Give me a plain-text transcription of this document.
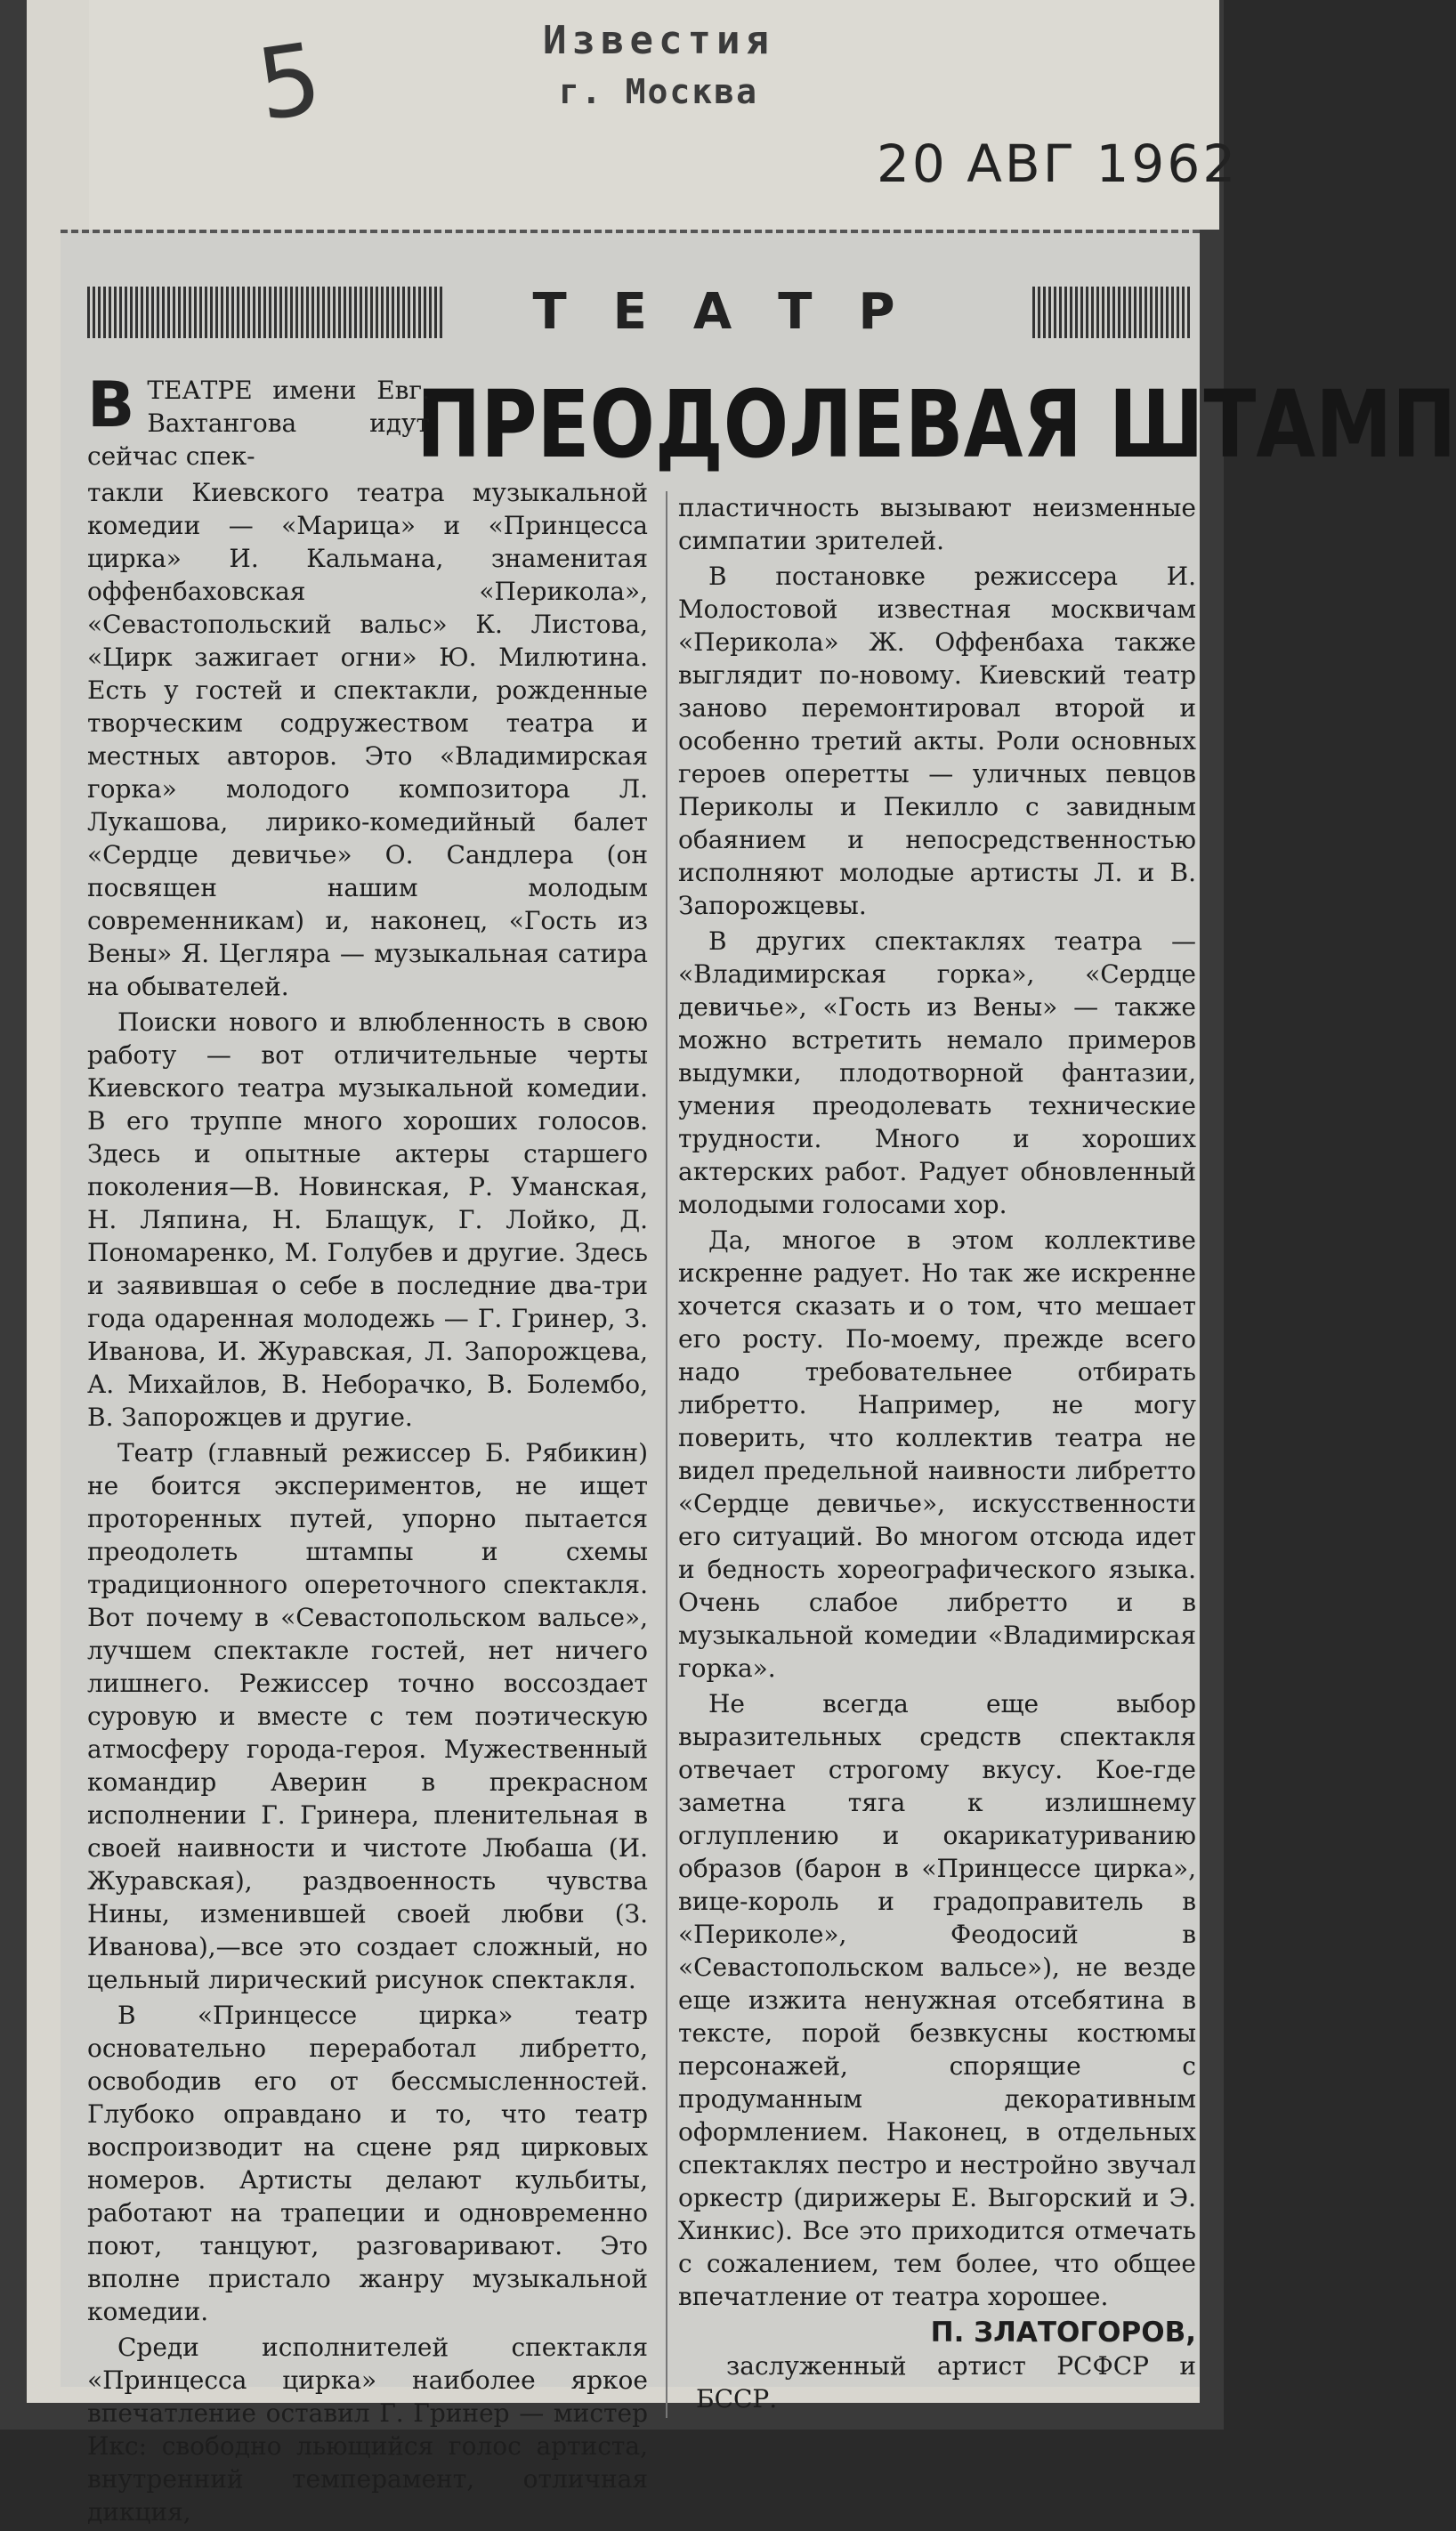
5	Известия
г. Москва
20 АВГ 1962
ТЕАТР
ПРЕОДОЛЕВАЯ ШТАМП
В ТЕАТРЕ имени Евг. Вахтангова идут сейчас спек-

такли Киевского театра музыкальной комедии — «Марица» и «Принцесса цирка» И. Кальмана, знаменитая оффенбаховская «Перикола», «Севастопольский вальс» К. Листова, «Цирк зажигает огни» Ю. Милютина. Есть у гостей и спектакли, рожденные творческим содружеством театра и местных авторов. Это «Владимирская горка» молодого композитора Л. Лукашова, лирико-комедийный балет «Сердце девичье» О. Сандлера (он посвящен нашим молодым современникам) и, наконец, «Гость из Вены» Я. Цегляра — музыкальная сатира на обывателей.

Поиски нового и влюбленность в свою работу — вот отличительные черты Киевского театра музыкальной комедии. В его труппе много хороших голосов. Здесь и опытные актеры старшего поколения—В. Новинская, Р. Уманская, Н. Ляпина, Н. Блащук, Г. Лойко, Д. Пономаренко, М. Голубев и другие. Здесь и заявившая о себе в последние два-три года одаренная молодежь — Г. Гринер, З. Иванова, И. Журавская, Л. Запорожцева, А. Михайлов, В. Неборачко, В. Болембо, В. Запорожцев и другие.

Театр (главный режиссер Б. Рябикин) не боится экспериментов, не ищет проторенных путей, упорно пытается преодолеть штампы и схемы традиционного опереточного спектакля. Вот почему в «Севастопольском вальсе», лучшем спектакле гостей, нет ничего лишнего. Режиссер точно воссоздает суровую и вместе с тем поэтическую атмосферу города-героя. Мужественный командир Аверин в прекрасном исполнении Г. Гринера, пленительная в своей наивности и чистоте Любаша (И. Журавская), раздвоенность чувства Нины, изменившей своей любви (З. Иванова),—все это создает сложный, но цельный лирический рисунок спектакля.

В «Принцессе цирка» театр основательно переработал либретто, освободив его от бессмысленностей. Глубоко оправдано и то, что театр воспроизводит на сцене ряд цирковых номеров. Артисты делают кульбиты, работают на трапеции и одновременно поют, танцуют, разговаривают. Это вполне пристало жанру музыкальной комедии.

Среди исполнителей спектакля «Принцесса цирка» наиболее яркое впечатление оставил Г. Гринер — мистер Икс: свободно льющийся голос артиста, внутренний темперамент, отличная дикция,

пластичность вызывают неизменные симпатии зрителей.

В постановке режиссера И. Молостовой известная москвичам «Перикола» Ж. Оффенбаха также выглядит по-новому. Киевский театр заново перемонтировал второй и особенно третий акты. Роли основных героев оперетты — уличных певцов Периколы и Пекилло с завидным обаянием и непосредственностью исполняют молодые артисты Л. и В. Запорожцевы.

В других спектаклях театра — «Владимирская горка», «Сердце девичье», «Гость из Вены» — также можно встретить немало примеров выдумки, плодотворной фантазии, умения преодолевать технические трудности. Много и хороших актерских работ. Радует обновленный молодыми голосами хор.

Да, многое в этом коллективе искренне радует. Но так же искренне хочется сказать и о том, что мешает его росту. По-моему, прежде всего надо требовательнее отбирать либретто. Например, не могу поверить, что коллектив театра не видел предельной наивности либретто «Сердце девичье», искусственности его ситуаций. Во многом отсюда идет и бедность хореографического языка. Очень слабое либретто и в музыкальной комедии «Владимирская горка».

Не всегда еще выбор выразительных средств спектакля отвечает строгому вкусу. Кое-где заметна тяга к излишнему оглуплению и окарикатуриванию образов (барон в «Принцессе цирка», вице-король и градоправитель в «Периколе», Феодосий в «Севастопольском вальсе»), не везде еще изжита ненужная отсебятина в тексте, порой безвкусны костюмы персонажей, спорящие с продуманным декоративным оформлением. Наконец, в отдельных спектаклях пестро и нестройно звучал оркестр (дирижеры Е. Выгорский и Э. Хинкис). Все это приходится отмечать с сожалением, тем более, что общее впечатление от театра хорошее.

П. ЗЛАТОГОРОВ,

заслуженный артист РСФСР и БССР.
